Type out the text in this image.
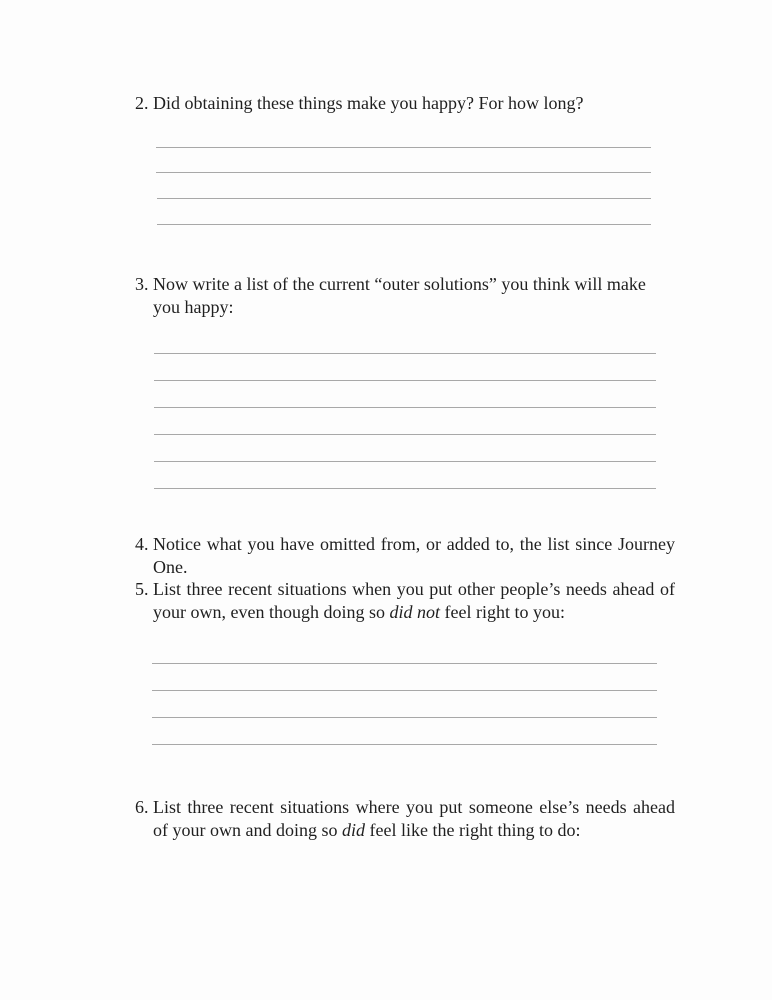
2. Did obtaining these things make you happy? For how long?
3. Now write a list of the current “outer solutions” you think will make you happy:
4. Notice what you have omitted from, or added to, the list since Journey One.
5. List three recent situations when you put other people’s needs ahead of your own, even though doing so did not feel right to you:
6. List three recent situations where you put someone else’s needs ahead of your own and doing so did feel like the right thing to do:
